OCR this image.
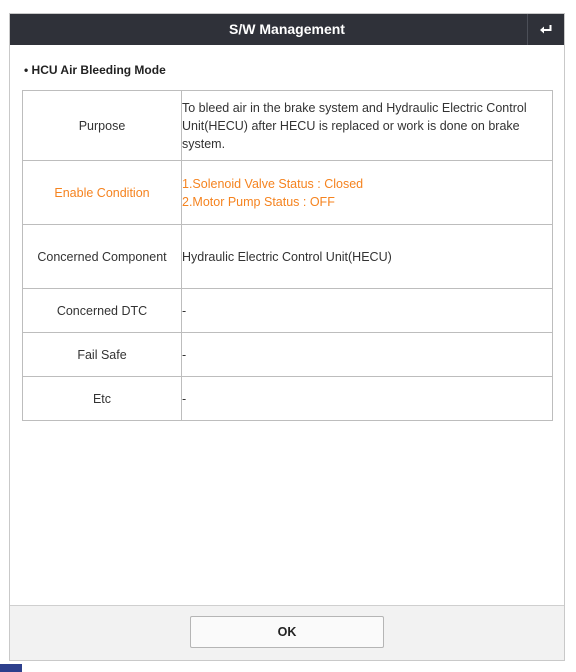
S/W Management
• HCU Air Bleeding Mode
Purpose	To bleed air in the brake system and Hydraulic Electric Control Unit(HECU) after HECU is replaced or work is done on brake system.
Enable Condition	1.Solenoid Valve Status : Closed
2.Motor Pump Status : OFF

Concerned Component	Hydraulic Electric Control Unit(HECU)
Concerned DTC	-
Fail Safe	-
Etc	-
OK
